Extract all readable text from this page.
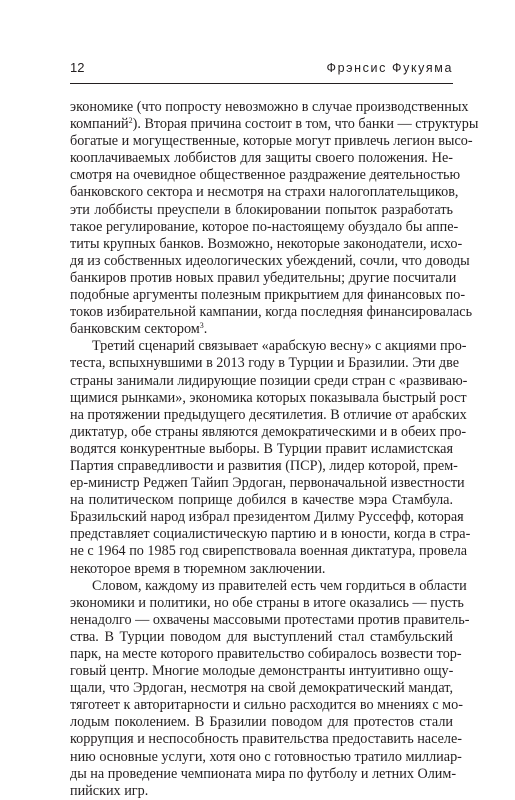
12	Фрэнсис Фукуяма
экономике (что попросту невозможно в случае производственных
компаний$^2$). Вторая причина состоит в том, что банки — структуры
богатые и могущественные, которые могут привлечь легион высо-
кооплачиваемых лоббистов для защиты своего положения. Не-
смотря на очевидное общественное раздражение деятельностью
банковского сектора и несмотря на страхи налогоплательщиков,
эти лоббисты преуспели в блокировании попыток разработать
такое регулирование, которое по-настоящему обуздало бы аппе-
титы крупных банков. Возможно, некоторые законодатели, исхо-
дя из собственных идеологических убеждений, сочли, что доводы
банкиров против новых правил убедительны; другие посчитали
подобные аргументы полезным прикрытием для финансовых по-
токов избирательной кампании, когда последняя финансировалась
банковским сектором$^3$.
Третий сценарий связывает «арабскую весну» с акциями про-
теста, вспыхнувшими в 2013 году в Турции и Бразилии. Эти две
страны занимали лидирующие позиции среди стран с «развиваю-
щимися рынками», экономика которых показывала быстрый рост
на протяжении предыдущего десятилетия. В отличие от арабских
диктатур, обе страны являются демократическими и в обеих про-
водятся конкурентные выборы. В Турции правит исламистская
Партия справедливости и развития (ПСР), лидер которой, прем-
ер-министр Реджеп Тайип Эрдоган, первоначальной известности
на политическом поприще добился в качестве мэра Стамбула.
Бразильский народ избрал президентом Дилму Руссефф, которая
представляет социалистическую партию и в юности, когда в стра-
не с 1964 по 1985 год свирепствовала военная диктатура, провела
некоторое время в тюремном заключении.
Словом, каждому из правителей есть чем гордиться в области
экономики и политики, но обе страны в итоге оказались — пусть
ненадолго — охвачены массовыми протестами против правитель-
ства. В Турции поводом для выступлений стал стамбульский
парк, на месте которого правительство собиралось возвести тор-
говый центр. Многие молодые демонстранты интуитивно ощу-
щали, что Эрдоган, несмотря на свой демократический мандат,
тяготеет к авторитарности и сильно расходится во мнениях с мо-
лодым поколением. В Бразилии поводом для протестов стали
коррупция и неспособность правительства предоставить населе-
нию основные услуги, хотя оно с готовностью тратило миллиар-
ды на проведение чемпионата мира по футболу и летних Олим-
пийских игр.
